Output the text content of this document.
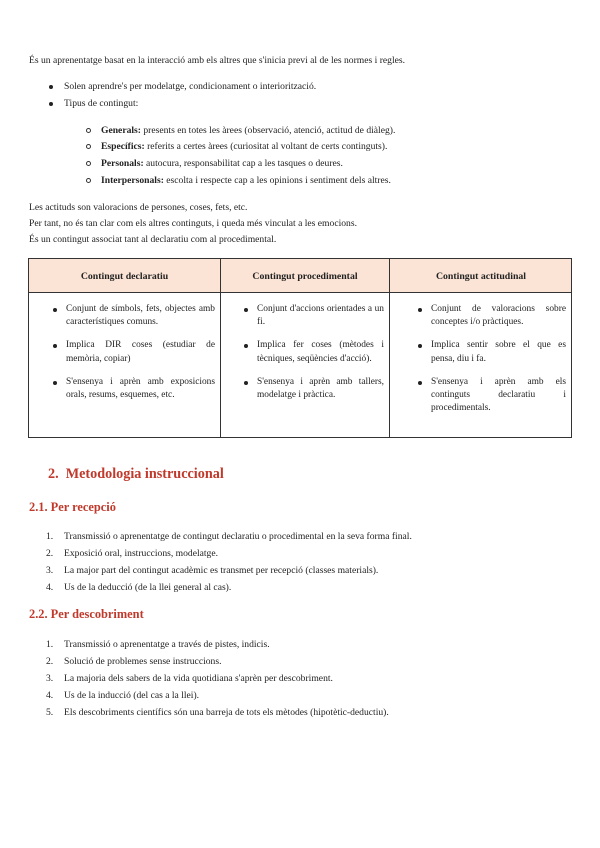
És un aprenentatge basat en la interacció amb els altres que s'inicia previ al de les normes i regles.
Solen aprendre's per modelatge, condicionament o interiorització.
Tipus de contingut:
Generals: presents en totes les àrees (observació, atenció, actitud de diàleg).
Específics: referits a certes àrees (curiositat al voltant de certs continguts).
Personals: autocura, responsabilitat cap a les tasques o deures.
Interpersonals: escolta i respecte cap a les opinions i sentiment dels altres.
Les actituds son valoracions de persones, coses, fets, etc.
Per tant, no és tan clar com els altres continguts, i queda més vinculat a les emocions.
És un contingut associat tant al declaratiu com al procedimental.
Contingut declaratiu	Contingut procedimental	Contingut actitudinal
Conjunt de símbols, fets, objectes amb característiques comuns.
Implica DIR coses (estudiar de memòria, copiar)
S'ensenya i aprèn amb exposicions orals, resums, esquemes, etc.
Conjunt d'accions orientades a un fi.
Implica fer coses (mètodes i tècniques, seqüències d'acció).
S'ensenya i aprèn amb tallers, modelatge i pràctica.
Conjunt de valoracions sobre conceptes i/o pràctiques.
Implica sentir sobre el que es pensa, diu i fa.
S'ensenya i aprèn amb els continguts declaratiu i procedimentals.
2. Metodologia instruccional
2.1. Per recepció
1. Transmissió o aprenentatge de contingut declaratiu o procedimental en la seva forma final.
2. Exposició oral, instruccions, modelatge.
3. La major part del contingut acadèmic es transmet per recepció (classes materials).
4. Us de la deducció (de la llei general al cas).
2.2. Per descobriment
1. Transmissió o aprenentatge a través de pistes, indicis.
2. Solució de problemes sense instruccions.
3. La majoria dels sabers de la vida quotidiana s'aprèn per descobriment.
4. Us de la inducció (del cas a la llei).
5. Els descobriments científics són una barreja de tots els mètodes (hipotètic-deductiu).
